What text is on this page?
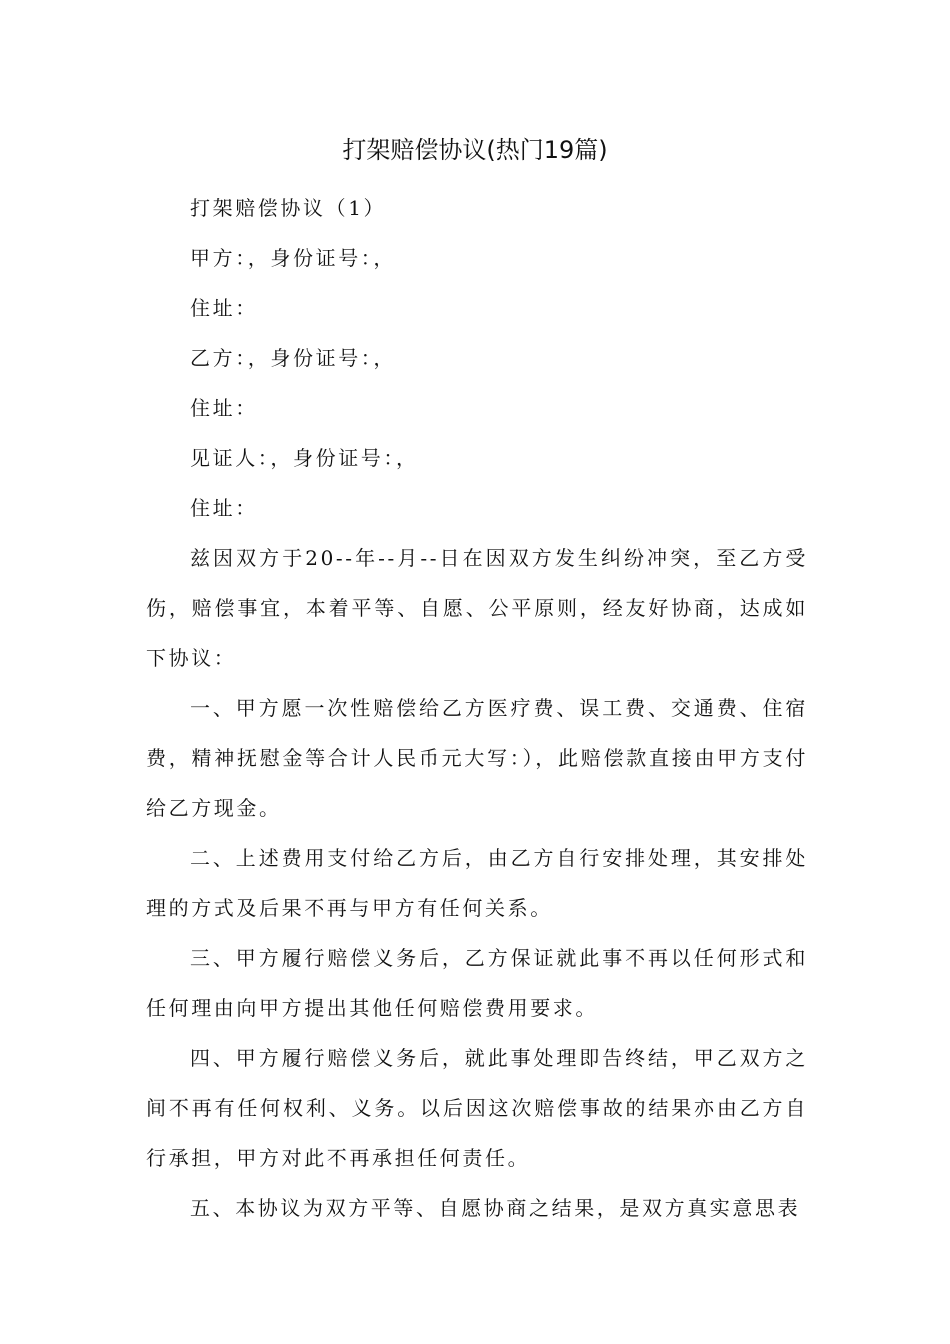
打架赔偿协议(热门19篇)

打架赔偿协议（1）

甲方：，身份证号：，

住址：

乙方：，身份证号：，

住址：

见证人：，身份证号：，

住址：

兹因双方于20--年--月--日在因双方发生纠纷冲突，至乙方受伤，赔偿事宜，本着平等、自愿、公平原则，经友好协商，达成如下协议：

一、甲方愿一次性赔偿给乙方医疗费、误工费、交通费、住宿费，精神抚慰金等合计人民币元大写：），此赔偿款直接由甲方支付给乙方现金。

二、上述费用支付给乙方后，由乙方自行安排处理，其安排处理的方式及后果不再与甲方有任何关系。

三、甲方履行赔偿义务后，乙方保证就此事不再以任何形式和任何理由向甲方提出其他任何赔偿费用要求。

四、甲方履行赔偿义务后，就此事处理即告终结，甲乙双方之间不再有任何权利、义务。以后因这次赔偿事故的结果亦由乙方自行承担，甲方对此不再承担任何责任。

五、本协议为双方平等、自愿协商之结果，是双方真实意思表
